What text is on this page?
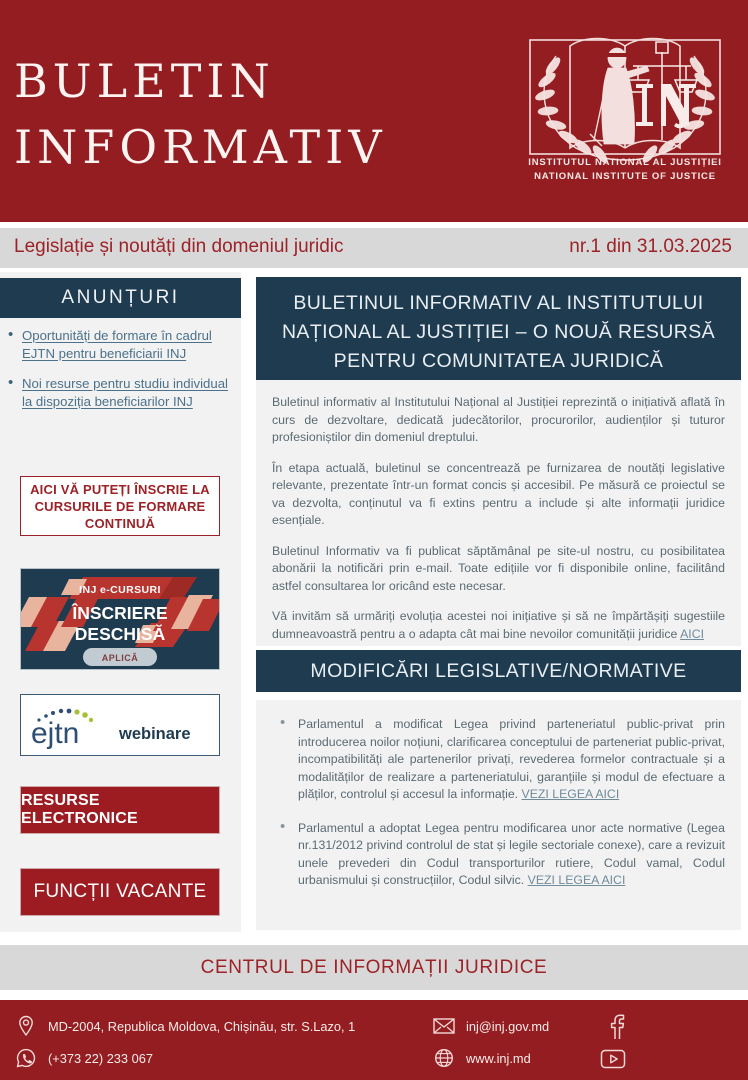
BULETIN
INFORMATIV	INSTITUTUL NATIONAL AL JUSTIȚIEI
NATIONAL INSTITUTE OF JUSTICE
Legislație și noutăți din domeniul juridic	nr.1 din 31.03.2025
ANUNȚURI
• Oportunități de formare în cadrul EJTN pentru beneficiarii INJ
• Noi resurse pentru studiu individual la dispoziția beneficiarilor INJ
AICI VĂ PUTEȚI ÎNSCRIE LA CURSURILE DE FORMARE CONTINUĂ
INJ e-CURSURI
ÎNSCRIERE
DESCHISĂ
APLICĂ
ejtn webinare
RESURSE ELECTRONICE
FUNCȚII VACANTE
BULETINUL INFORMATIV AL INSTITUTULUI NAȚIONAL AL JUSTIȚIEI – O NOUĂ RESURSĂ PENTRU COMUNITATEA JURIDICĂ

Buletinul informativ al Institutului Național al Justiției reprezintă o inițiativă aflată în curs de dezvoltare, dedicată judecătorilor, procurorilor, audienților și tuturor profesioniștilor din domeniul dreptului.

În etapa actuală, buletinul se concentrează pe furnizarea de noutăți legislative relevante, prezentate într-un format concis și accesibil. Pe măsură ce proiectul se va dezvolta, conținutul va fi extins pentru a include și alte informații juridice esențiale.

Buletinul Informativ va fi publicat săptămânal pe site-ul nostru, cu posibilitatea abonării la notificări prin e-mail. Toate edițiile vor fi disponibile online, facilitând astfel consultarea lor oricând este necesar.

Vă invităm să urmăriți evoluția acestei noi inițiative și să ne împărtășiți sugestiile dumneavoastră pentru a o adapta cât mai bine nevoilor comunității juridice AICI

MODIFICĂRI LEGISLATIVE/NORMATIVE
• Parlamentul a modificat Legea privind parteneriatul public-privat prin introducerea noilor noțiuni, clarificarea conceptului de parteneriat public-privat, incompatibilități ale partenerilor privați, revederea formelor contractuale și a modalităților de realizare a parteneriatului, garanțiile și modul de efectuare a plăților, controlul și accesul la informație. VEZI LEGEA AICI
• Parlamentul a adoptat Legea pentru modificarea unor acte normative (Legea nr.131/2012 privind controlul de stat și legile sectoriale conexe), care a revizuit unele prevederi din Codul transporturilor rutiere, Codul vamal, Codul urbanismului și construcțiilor, Codul silvic. VEZI LEGEA AICI
CENTRUL DE INFORMAȚII JURIDICE
MD-2004, Republica Moldova, Chișinău, str. S.Lazo, 1
(+373 22) 233 067
inj@inj.gov.md
www.inj.md
